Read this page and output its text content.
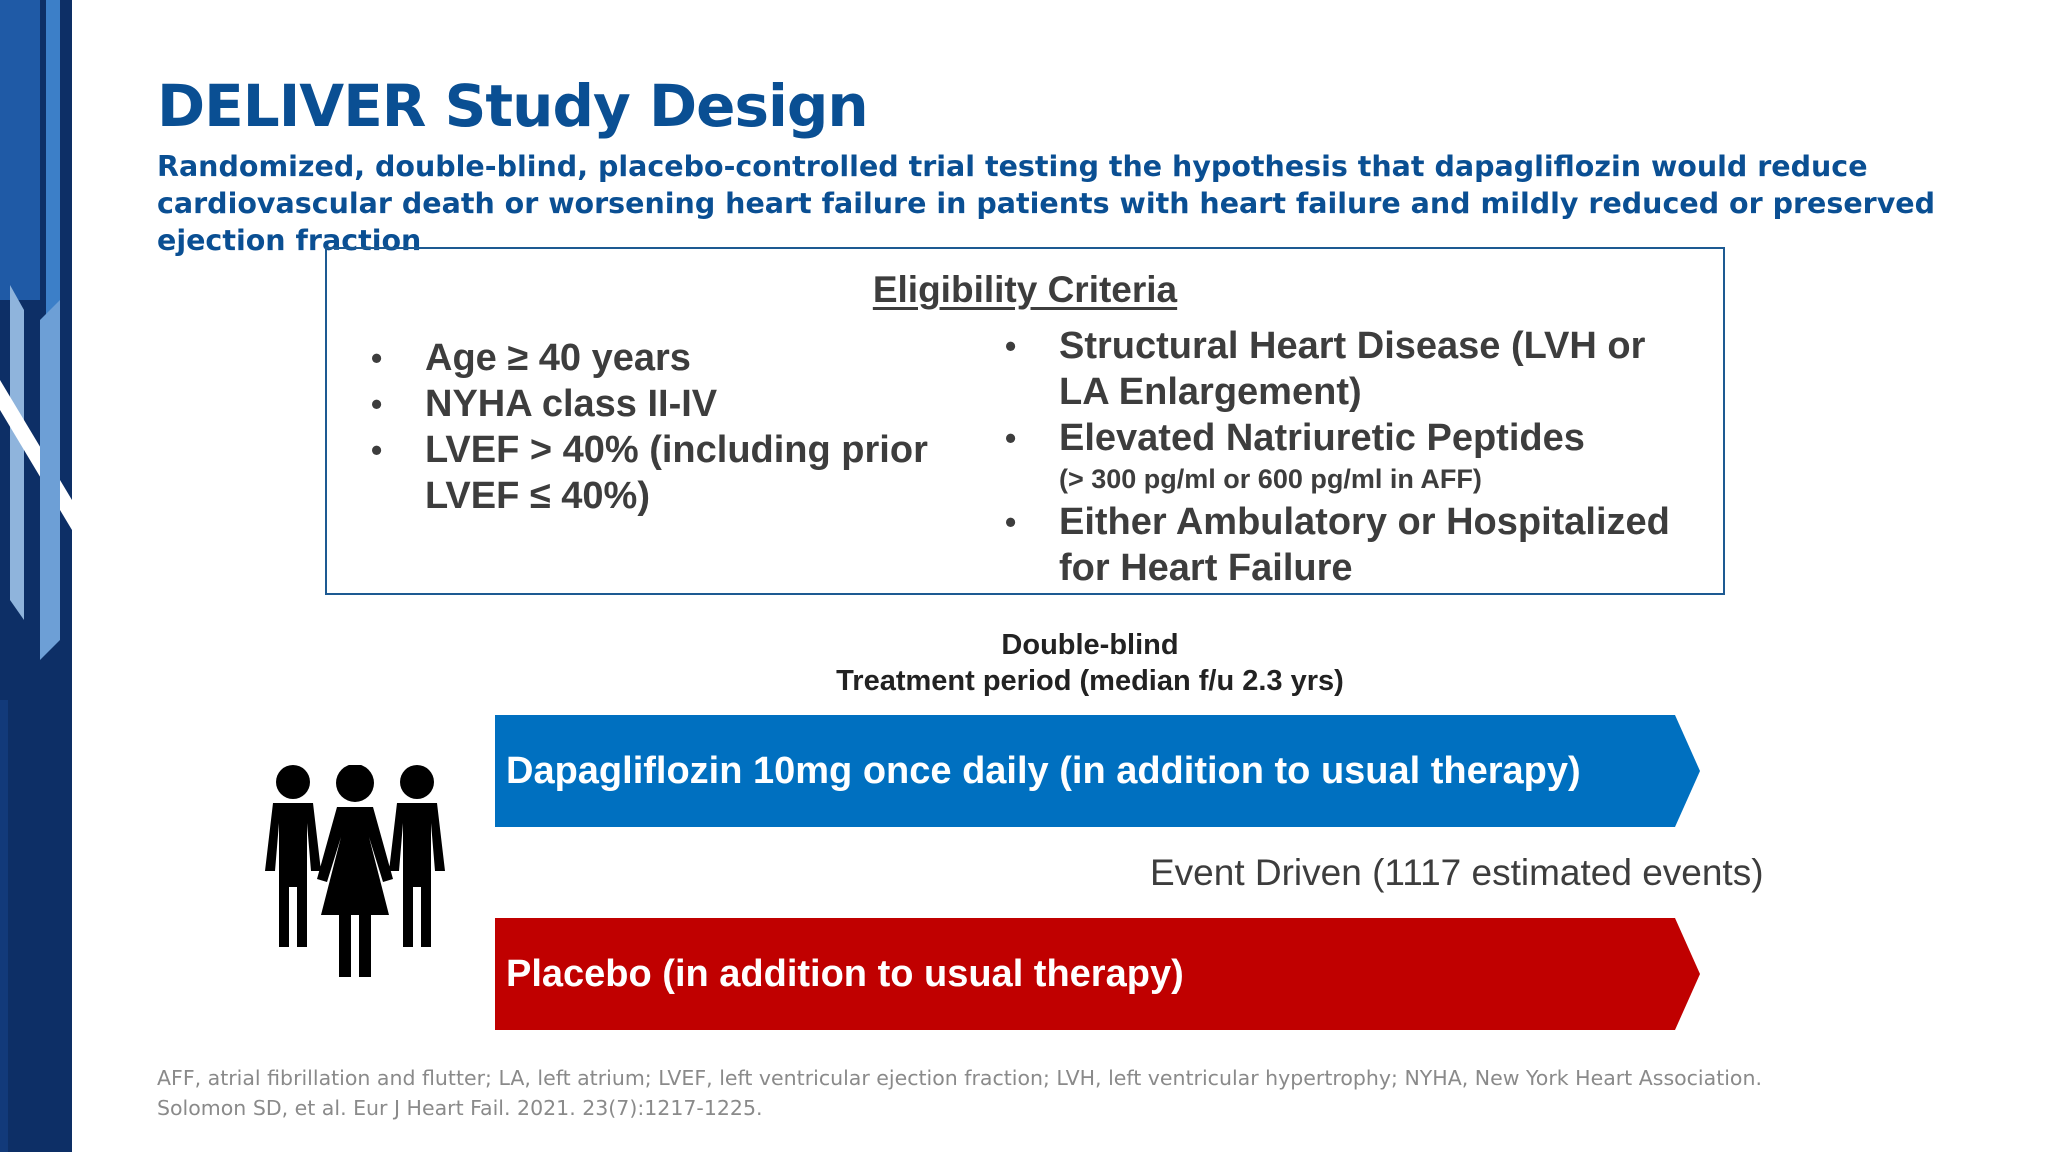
DELIVER Study Design

Randomized, double-blind, placebo-controlled trial testing the hypothesis that dapagliflozin would reduce cardiovascular death or worsening heart failure in patients with heart failure and mildly reduced or preserved ejection fraction

Eligibility Criteria
• Age ≥ 40 years
• NYHA class II-IV
• LVEF > 40% (including prior LVEF ≤ 40%)
• Structural Heart Disease (LVH or LA Enlargement)
• Elevated Natriuretic Peptides
(> 300 pg/ml or 600 pg/ml in AFF)
• Either Ambulatory or Hospitalized for Heart Failure
Double-blind
Treatment period (median f/u 2.3 yrs)
Dapagliflozin 10mg once daily (in addition to usual therapy)
Event Driven (1117 estimated events)
Placebo (in addition to usual therapy)
AFF, atrial fibrillation and flutter; LA, left atrium; LVEF, left ventricular ejection fraction; LVH, left ventricular hypertrophy; NYHA, New York Heart Association.
Solomon SD, et al. Eur J Heart Fail. 2021. 23(7):1217-1225.
